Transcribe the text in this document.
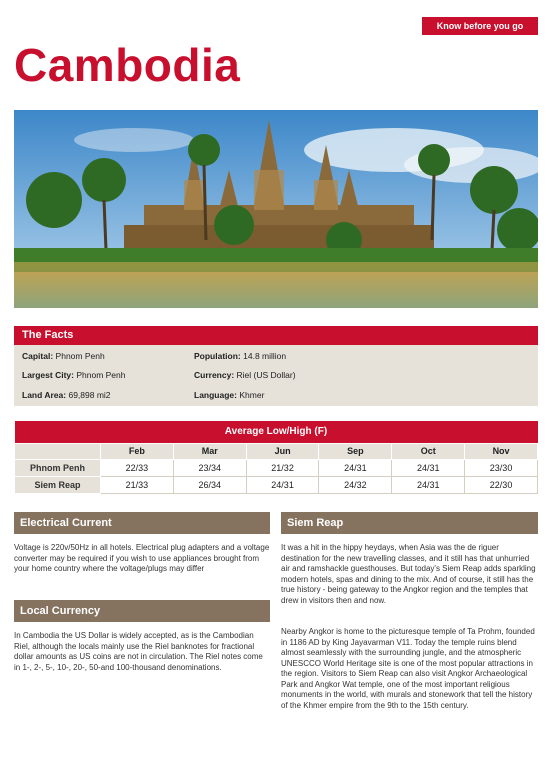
Know before you go
Cambodia
The Facts
Capital: Phnom Penh	Population: 14.8 million
Largest City: Phnom Penh	Currency: Riel (US Dollar)
Land Area: 69,898 mi2	Language: Khmer
Average Low/High (F)						
	Feb	Mar	Jun	Sep	Oct	Nov
Phnom Penh	22/33	23/34	21/32	24/31	24/31	23/30
Siem Reap	21/33	26/34	24/31	24/32	24/31	22/30
Electrical Current
Voltage is 220v/50Hz in all hotels. Electrical plug adapters and a voltage converter may be required if you wish to use appliances brought from your home country where the voltage/plugs may differ
Local Currency
In Cambodia the US Dollar is widely accepted, as is the Cambodian Riel, although the locals mainly use the Riel banknotes for fractional dollar amounts as US coins are not in circulation. The Riel notes come in 1-, 2-, 5-, 10-, 20-, 50-and 100-thousand denominations.
Siem Reap
It was a hit in the hippy heydays, when Asia was the de riguer destination for the new travelling classes, and it still has that unhurried air and ramshackle guesthouses. But today's Siem Reap adds sparkling modern hotels, spas and dining to the mix. And of course, it still has the true history - being gateway to the Angkor region and the temples that drew in visitors then and now.
Nearby Angkor is home to the picturesque temple of Ta Prohm, founded in 1186 AD by King Jayavarman V11. Today the temple ruins blend almost seamlessly with the surrounding jungle, and the atmospheric UNESCCO World Heritage site is one of the most popular attractions in the region. Visitors to Siem Reap can also visit Angkor Archaeological Park and Angkor Wat temple, one of the most important religious monuments in the world, with murals and stonework that tell the history of the Khmer empire from the 9th to the 15th century.
